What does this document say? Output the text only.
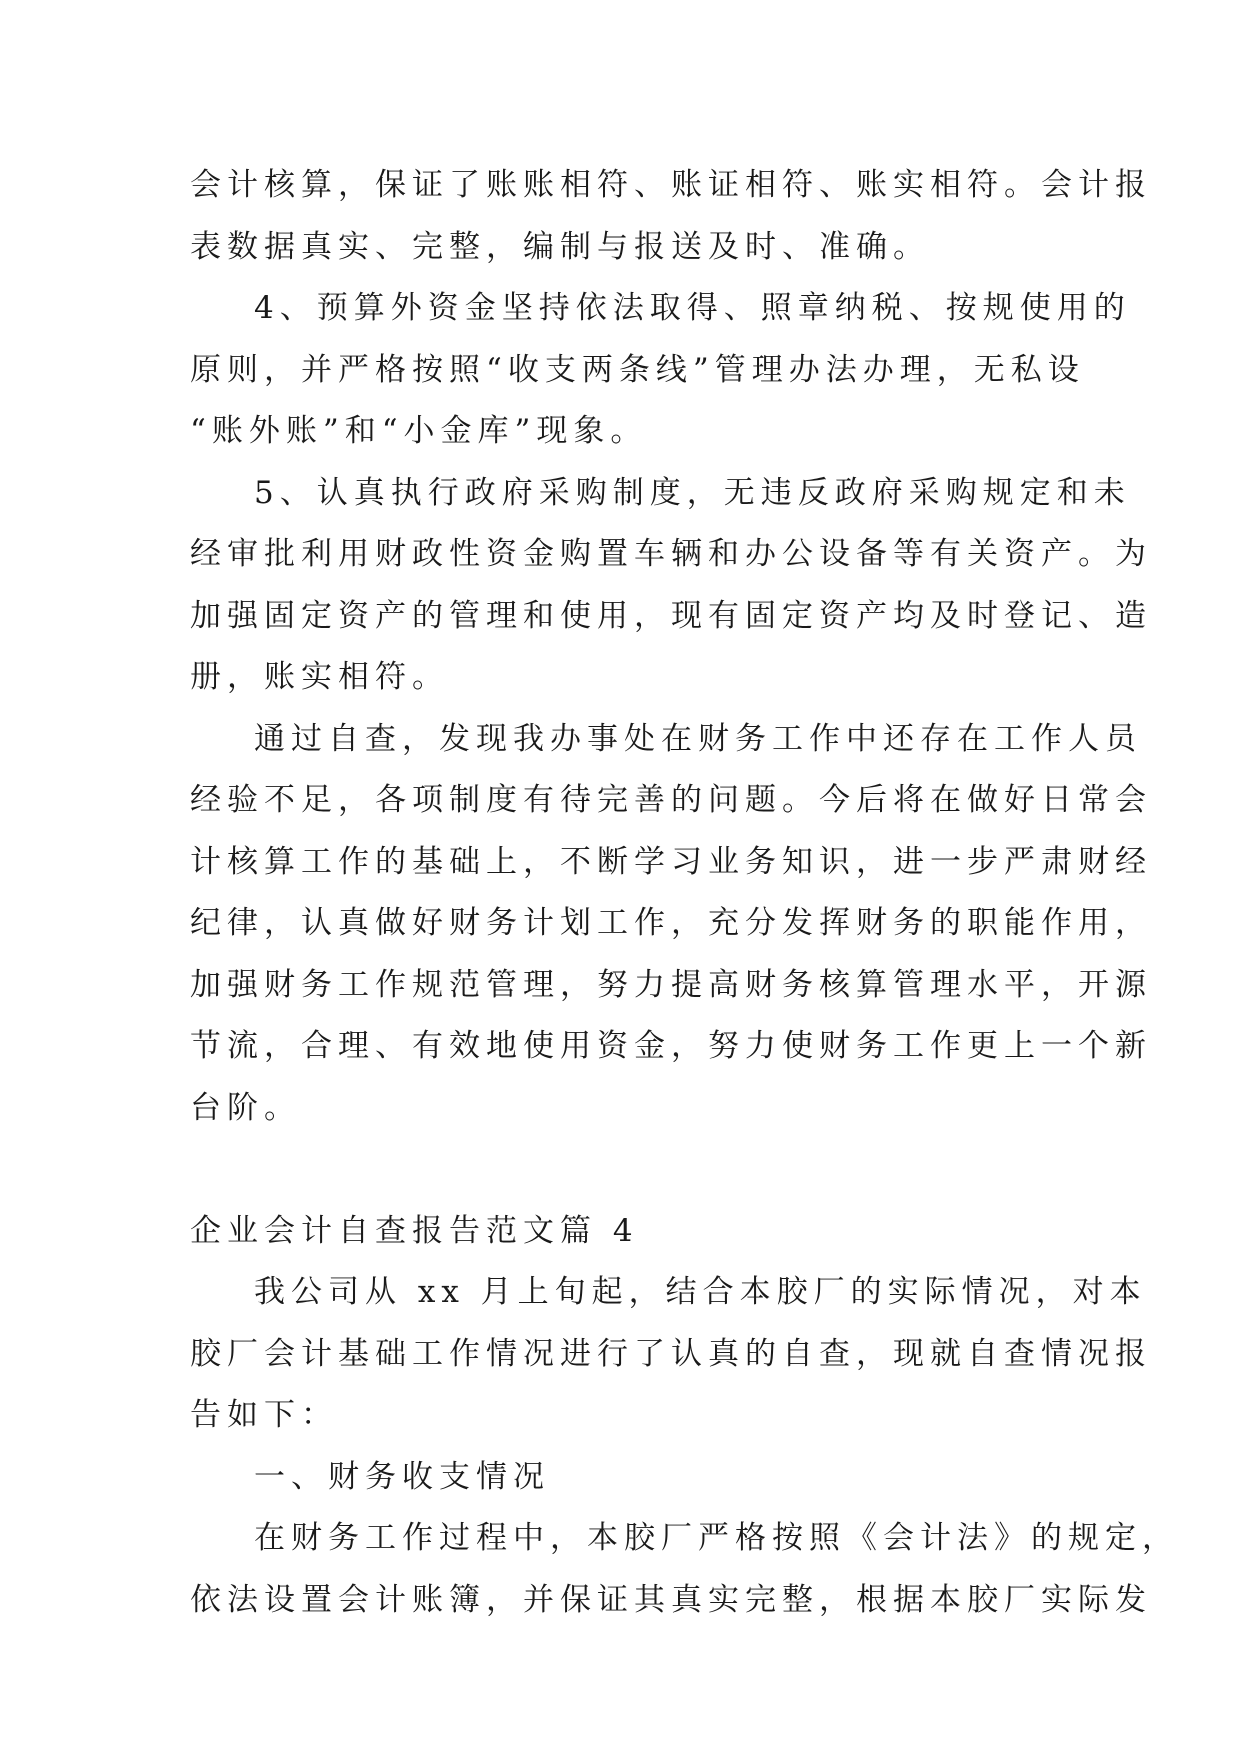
会计核算，保证了账账相符、账证相符、账实相符。会计报
表数据真实、完整，编制与报送及时、准确。
4、预算外资金坚持依法取得、照章纳税、按规使用的
原则，并严格按照“收支两条线”管理办法办理，无私设
“账外账”和“小金库”现象。
5、认真执行政府采购制度，无违反政府采购规定和未
经审批利用财政性资金购置车辆和办公设备等有关资产。为
加强固定资产的管理和使用，现有固定资产均及时登记、造
册，账实相符。
通过自查，发现我办事处在财务工作中还存在工作人员
经验不足，各项制度有待完善的问题。今后将在做好日常会
计核算工作的基础上，不断学习业务知识，进一步严肃财经
纪律，认真做好财务计划工作，充分发挥财务的职能作用，
加强财务工作规范管理，努力提高财务核算管理水平，开源
节流，合理、有效地使用资金，努力使财务工作更上一个新
台阶。
企业会计自查报告范文篇 4
我公司从 xx 月上旬起，结合本胶厂的实际情况，对本
胶厂会计基础工作情况进行了认真的自查，现就自查情况报
告如下：
一、财务收支情况
在财务工作过程中，本胶厂严格按照《会计法》的规定，
依法设置会计账簿，并保证其真实完整，根据本胶厂实际发
